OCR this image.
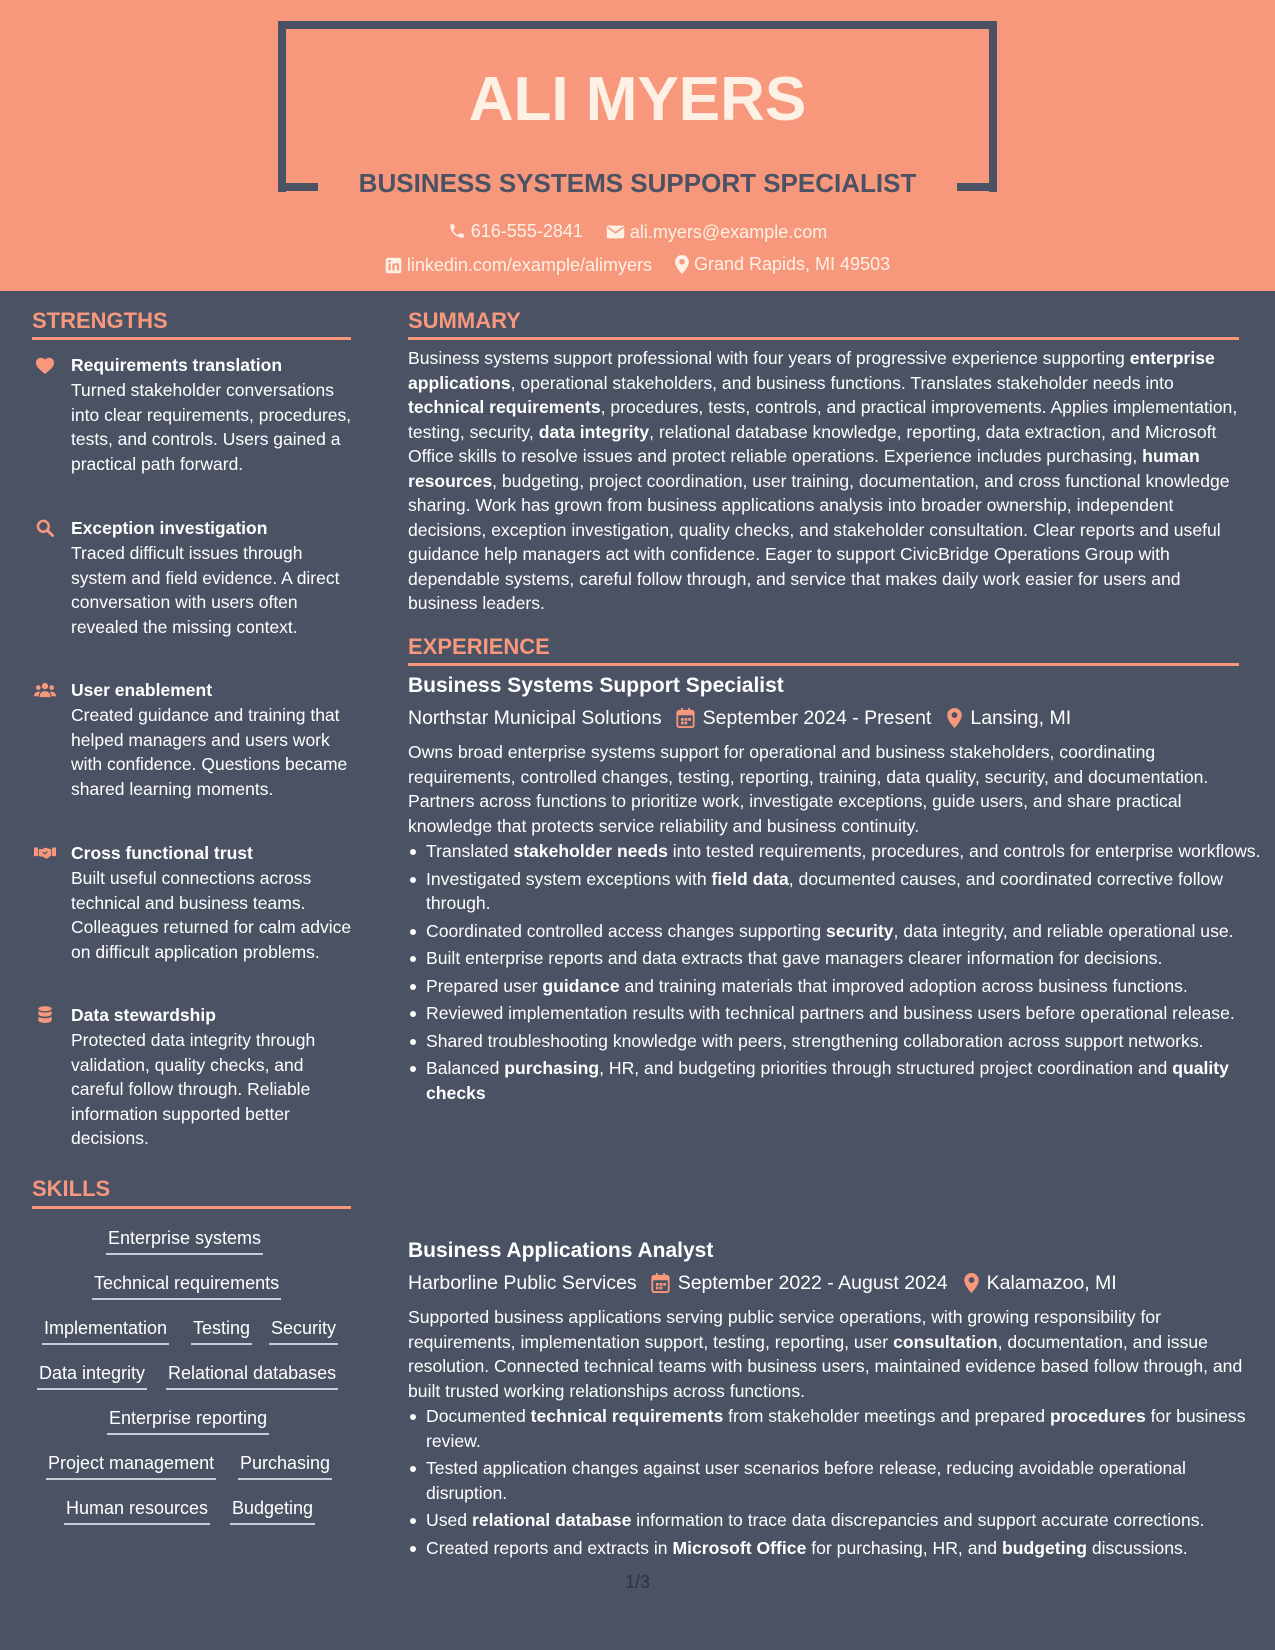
ALI MYERS
BUSINESS SYSTEMS SUPPORT SPECIALIST
616-555-2841
	ali.myers@example.com
linkedin.com/example/alimyers
Grand Rapids, MI 49503
STRENGTHS
Requirements translation
Turned stakeholder conversations into clear requirements, procedures, tests, and controls. Users gained a practical path forward.
Exception investigation
Traced difficult issues through system and field evidence. A direct conversation with users often revealed the missing context.
User enablement
Created guidance and training that helped managers and users work with confidence. Questions became shared learning moments.
Cross functional trust
Built useful connections across technical and business teams. Colleagues returned for calm advice on difficult application problems.
Data stewardship
Protected data integrity through validation, quality checks, and careful follow through. Reliable information supported better decisions.
SKILLS
Enterprise systems
Technical requirements
Implementation Testing Security
Data integrity Relational databases
Enterprise reporting
Project management Purchasing
Human resources Budgeting
SUMMARY
Business systems support professional with four years of progressive experience supporting enterprise applications, operational stakeholders, and business functions. Translates stakeholder needs into technical requirements, procedures, tests, controls, and practical improvements. Applies implementation, testing, security, data integrity, relational database knowledge, reporting, data extraction, and Microsoft Office skills to resolve issues and protect reliable operations. Experience includes purchasing, human resources, budgeting, project coordination, user training, documentation, and cross functional knowledge sharing. Work has grown from business applications analysis into broader ownership, independent decisions, exception investigation, quality checks, and stakeholder consultation. Clear reports and useful guidance help managers act with confidence. Eager to support CivicBridge Operations Group with dependable systems, careful follow through, and service that makes daily work easier for users and business leaders.
EXPERIENCE
Business Systems Support Specialist
Northstar Municipal Solutions September 2024 - Present Lansing, MI
Owns broad enterprise systems support for operational and business stakeholders, coordinating requirements, controlled changes, testing, reporting, training, data quality, security, and documentation. Partners across functions to prioritize work, investigate exceptions, guide users, and share practical knowledge that protects service reliability and business continuity.
Translated stakeholder needs into tested requirements, procedures, and controls for enterprise workflows.
Investigated system exceptions with field data, documented causes, and coordinated corrective follow through.
Coordinated controlled access changes supporting security, data integrity, and reliable operational use.
Built enterprise reports and data extracts that gave managers clearer information for decisions.
Prepared user guidance and training materials that improved adoption across business functions.
Reviewed implementation results with technical partners and business users before operational release.
Shared troubleshooting knowledge with peers, strengthening collaboration across support networks.
Balanced purchasing, HR, and budgeting priorities through structured project coordination and quality checks
Business Applications Analyst
Harborline Public Services September 2022 - August 2024 Kalamazoo, MI
Supported business applications serving public service operations, with growing responsibility for requirements, implementation support, testing, reporting, user consultation, documentation, and issue resolution. Connected technical teams with business users, maintained evidence based follow through, and built trusted working relationships across functions.
Documented technical requirements from stakeholder meetings and prepared procedures for business review.
Tested application changes against user scenarios before release, reducing avoidable operational disruption.
Used relational database information to trace data discrepancies and support accurate corrections.
Created reports and extracts in Microsoft Office for purchasing, HR, and budgeting discussions.
1/3
